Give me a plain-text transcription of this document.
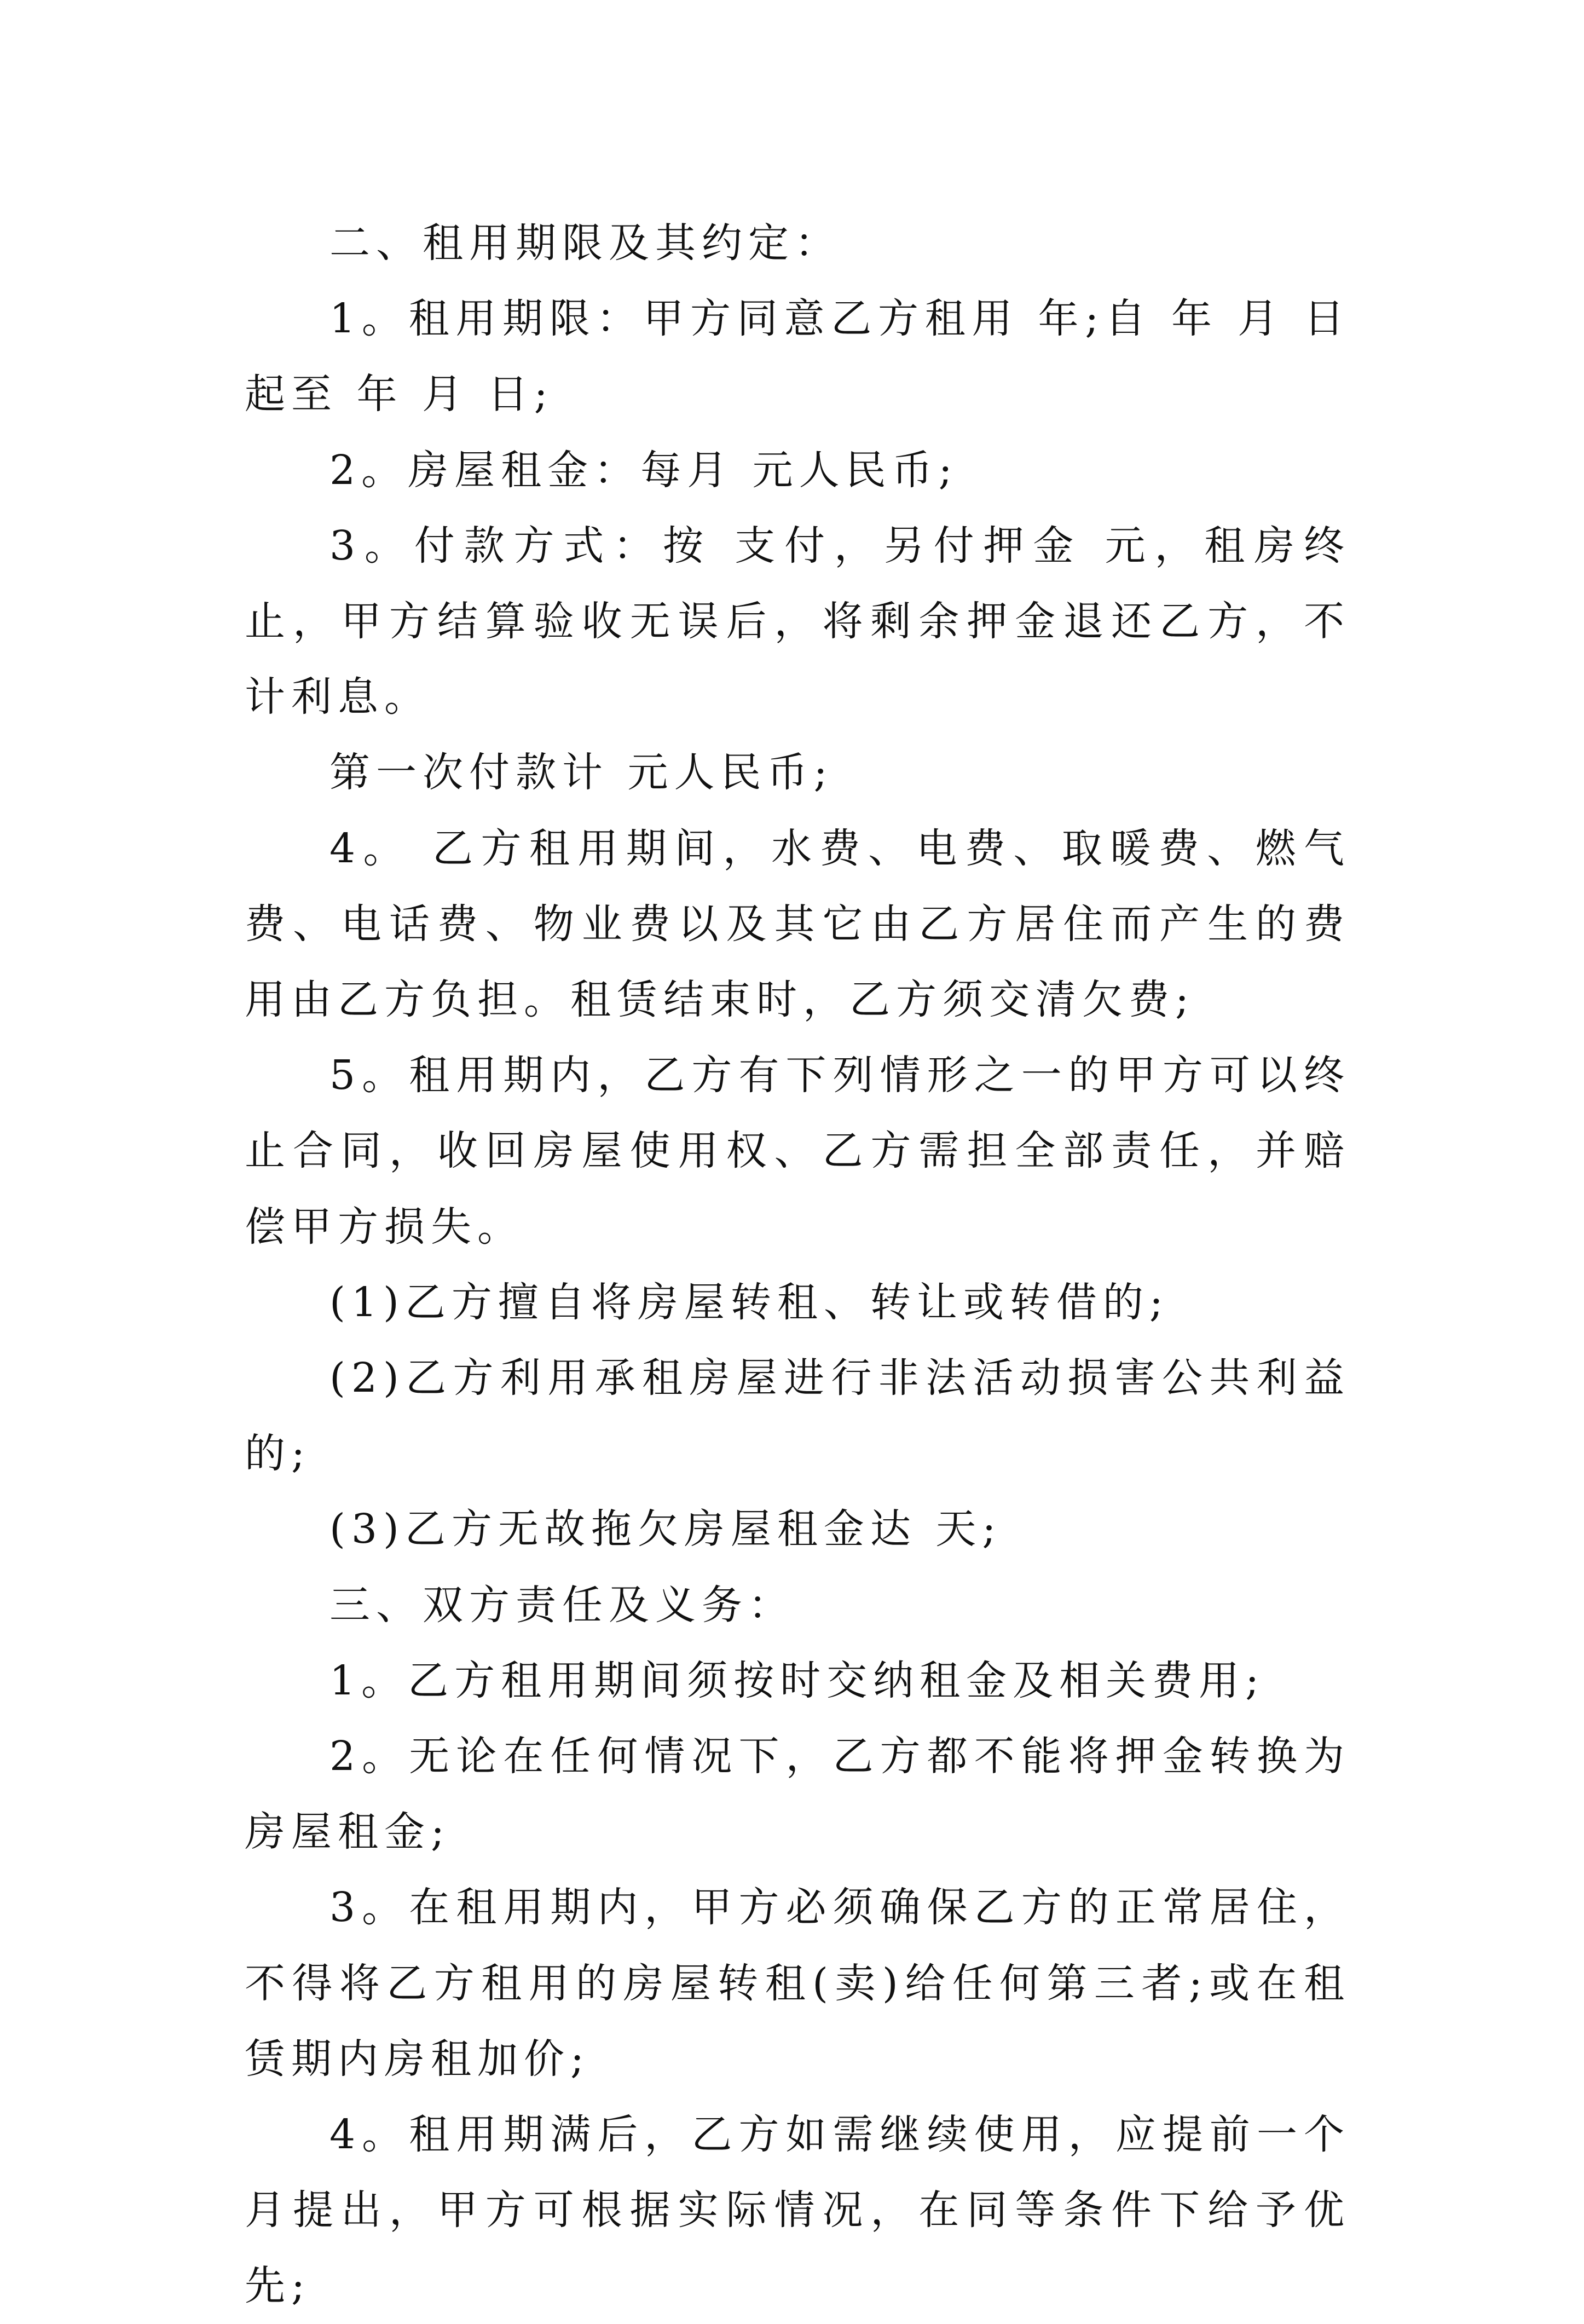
二、租用期限及其约定：

1。租用期限：甲方同意乙方租用 年;自 年 月 日起至 年 月 日;

2。房屋租金：每月 元人民币;

3。付款方式：按 支付，另付押金 元，租房终止，甲方结算验收无误后，将剩余押金退还乙方，不计利息。

第一次付款计 元人民币;

4。 乙方租用期间，水费、电费、取暖费、燃气费、电话费、物业费以及其它由乙方居住而产生的费用由乙方负担。租赁结束时，乙方须交清欠费;

5。租用期内，乙方有下列情形之一的甲方可以终止合同，收回房屋使用权、乙方需担全部责任，并赔偿甲方损失。

(1)乙方擅自将房屋转租、转让或转借的;

(2)乙方利用承租房屋进行非法活动损害公共利益的;

(3)乙方无故拖欠房屋租金达 天;

三、双方责任及义务：

1。乙方租用期间须按时交纳租金及相关费用;

2。无论在任何情况下，乙方都不能将押金转换为房屋租金;

3。在租用期内，甲方必须确保乙方的正常居住，不得将乙方租用的房屋转租(卖)给任何第三者;或在租赁期内房租加价;

4。租用期满后，乙方如需继续使用，应提前一个月提出，甲方可根据实际情况，在同等条件下给予优先;
